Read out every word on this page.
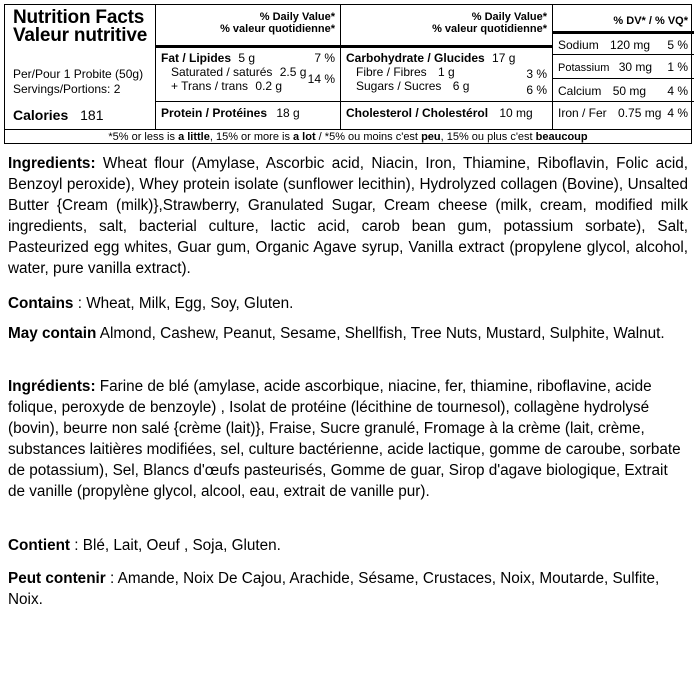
Nutrition Facts
Valeur nutritive
Per/Pour 1 Probite (50g)
Servings/Portions: 2
Calories 181
% Daily Value*
% valeur quotidienne*
Fat / Lipides 5 g	7 %
Saturated / saturés 2.5 g 14 %
+ Trans / trans 0.2 g
Protein / Protéines 18 g
% Daily Value*
% valeur quotidienne*
Carbohydrate / Glucides 17 g
Fibre / Fibres 1 g	3 %
Sugars / Sucres 6 g	6 %
Cholesterol / Cholestérol 10 mg
% DV* / % VQ*
Sodium 120 mg 5 %
Potassium 30 mg 1 %
Calcium 50 mg 4 %
Iron / Fer 0.75 mg 4 %
*5% or less is a little, 15% or more is a lot / *5% ou moins c'est peu, 15% ou plus c'est beaucoup
Ingredients: Wheat flour (Amylase, Ascorbic acid, Niacin, Iron, Thiamine, Riboflavin, Folic acid, Benzoyl peroxide), Whey protein isolate (sunflower lecithin), Hydrolyzed collagen (Bovine), Unsalted Butter {Cream (milk)},Strawberry, Granulated Sugar, Cream cheese (milk, cream, modified milk ingredients, salt, bacterial culture, lactic acid, carob bean gum, potassium sorbate), Salt, Pasteurized egg whites, Guar gum, Organic Agave syrup, Vanilla extract (propylene glycol, alcohol, water, pure vanilla extract).
Contains : Wheat, Milk, Egg, Soy, Gluten.
May contain Almond, Cashew, Peanut, Sesame, Shellfish, Tree Nuts, Mustard, Sulphite, Walnut.
Ingrédients: Farine de blé (amylase, acide ascorbique, niacine, fer, thiamine, riboflavine, acide folique, peroxyde de benzoyle) , Isolat de protéine (lécithine de tournesol), collagène hydrolysé (bovin), beurre non salé {crème (lait)}, Fraise, Sucre granulé, Fromage à la crème (lait, crème, substances laitières modifiées, sel, culture bactérienne, acide lactique, gomme de caroube, sorbate de potassium), Sel, Blancs d'œufs pasteurisés, Gomme de guar, Sirop d'agave biologique, Extrait de vanille (propylène glycol, alcool, eau, extrait de vanille pur).
Contient : Blé, Lait, Oeuf , Soja, Gluten.
Peut contenir : Amande, Noix De Cajou, Arachide, Sésame, Crustaces, Noix, Moutarde, Sulfite, Noix.
